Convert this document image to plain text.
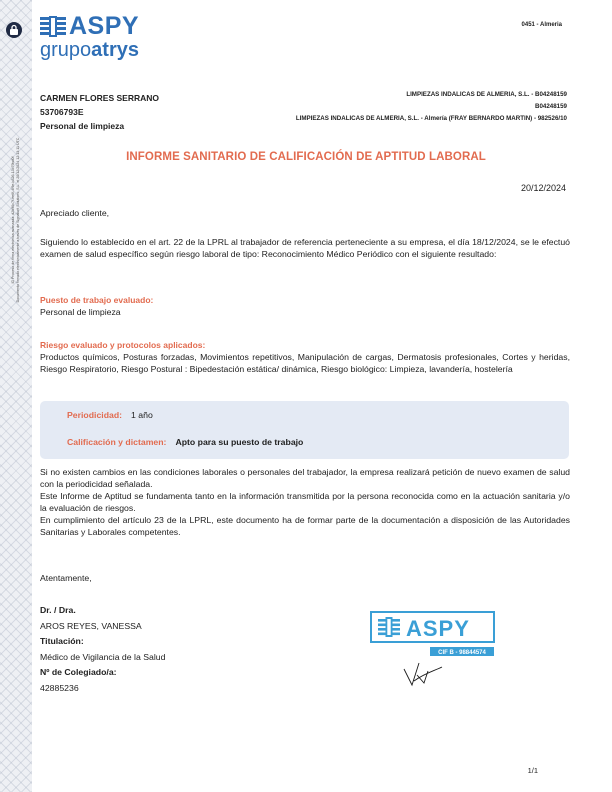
ID Proceso de firma electrónica avanzada: d2b90c7f-ee6f-4f9e-b326-13c79bd0f Documento firmado electrónicamente a través de Signaturit Solutions, S.L. el 20/12/2024 12:13:11 UTC
ASPY
grupoatrys
0451 - Almeria
CARMEN FLORES SERRANO
53706793E
Personal de limpieza
LIMPIEZAS INDALICAS DE ALMERIA, S.L. - B04248159
B04248159
LIMPIEZAS INDALICAS DE ALMERIA, S.L. - Almería (FRAY BERNARDO MARTIN) - 982526/10
INFORME SANITARIO DE CALIFICACIÓN DE APTITUD LABORAL
20/12/2024
Apreciado cliente,
Siguiendo lo establecido en el art. 22 de la LPRL al trabajador de referencia perteneciente a su empresa, el día 18/12/2024, se le efectuó examen de salud específico según riesgo laboral de tipo: Reconocimiento Médico Periódico con el siguiente resultado:
Puesto de trabajo evaluado:
Personal de limpieza
Riesgo evaluado y protocolos aplicados:
Productos químicos, Posturas forzadas, Movimientos repetitivos, Manipulación de cargas, Dermatosis profesionales, Cortes y heridas, Riesgo Respiratorio, Riesgo Postural : Bipedestación estática/ dinámica, Riesgo biológico: Limpieza, lavandería, hostelería
Periodicidad: 1 año
Calificación y dictamen: Apto para su puesto de trabajo
Si no existen cambios en las condiciones laborales o personales del trabajador, la empresa realizará petición de nuevo examen de salud con la periodicidad señalada.
Este Informe de Aptitud se fundamenta tanto en la información transmitida por la persona reconocida como en la actuación sanitaria y/o la evaluación de riesgos.
En cumplimiento del artículo 23 de la LPRL, este documento ha de formar parte de la documentación a disposición de las Autoridades Sanitarias y Laborales competentes.
Atentamente,
Dr. / Dra.
AROS REYES, VANESSA
Titulación:
Médico de Vigilancia de la Salud
Nº de Colegiado/a:
42885236
ASPY
CIF B - 98844574
1/1
